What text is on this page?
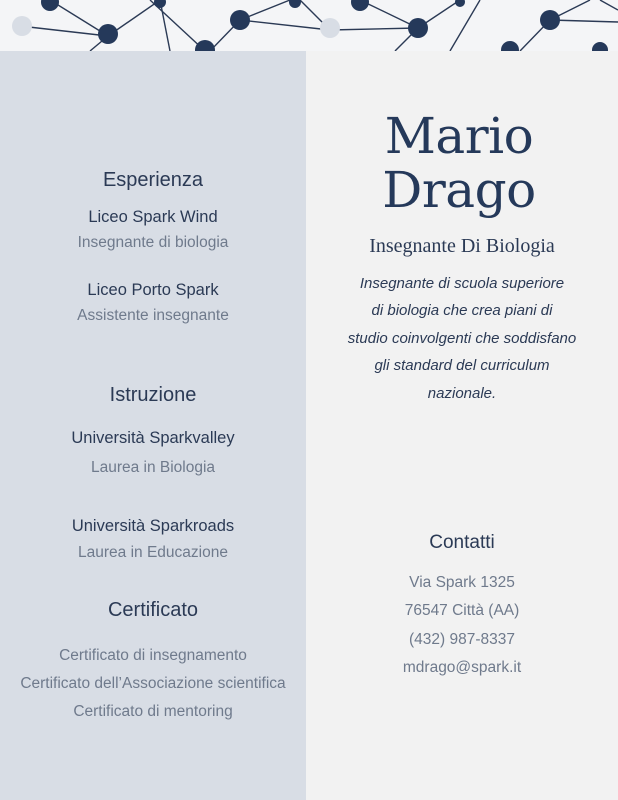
Esperienza
Liceo Spark Wind
Insegnante di biologia
Liceo Porto Spark
Assistente insegnante
Istruzione
Università Sparkvalley
Laurea in Biologia
Università Sparkroads
Laurea in Educazione
Certificato
Certificato di insegnamento
Certificato dell’Associazione scientifica
Certificato di mentoring
Mario
Drago
Insegnante Di Biologia
Insegnante di scuola superiore
di biologia che crea piani di
studio coinvolgenti che soddisfano
gli standard del curriculum
nazionale.
Contatti
Via Spark 1325
76547 Città (AA)
(432) 987-8337
mdrago@spark.it
